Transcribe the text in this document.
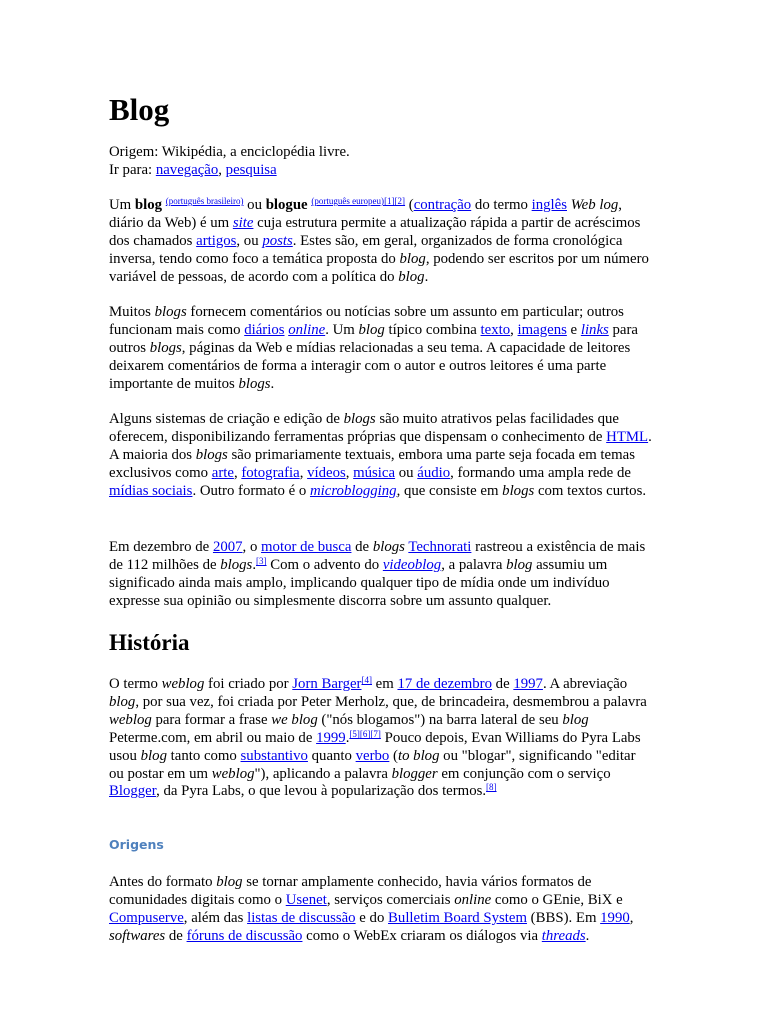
Blog
Origem: Wikipédia, a enciclopédia livre.
Ir para: navegação, pesquisa
Um blog $^{(português brasileiro)}$ ou blogue $^{(português europeu)[1][2]}$ (contração do termo inglês Web log, diário da Web) é um site cuja estrutura permite a atualização rápida a partir de acréscimos dos chamados artigos, ou posts. Estes são, em geral, organizados de forma cronológica inversa, tendo como foco a temática proposta do blog, podendo ser escritos por um número variável de pessoas, de acordo com a política do blog.
Muitos blogs fornecem comentários ou notícias sobre um assunto em particular; outros funcionam mais como diários online. Um blog típico combina texto, imagens e links para outros blogs, páginas da Web e mídias relacionadas a seu tema. A capacidade de leitores deixarem comentários de forma a interagir com o autor e outros leitores é uma parte importante de muitos blogs.
Alguns sistemas de criação e edição de blogs são muito atrativos pelas facilidades que oferecem, disponibilizando ferramentas próprias que dispensam o conhecimento de HTML. A maioria dos blogs são primariamente textuais, embora uma parte seja focada em temas exclusivos como arte, fotografia, vídeos, música ou áudio, formando uma ampla rede de mídias sociais. Outro formato é o microblogging, que consiste em blogs com textos curtos.
Em dezembro de 2007, o motor de busca de blogs Technorati rastreou a existência de mais de 112 milhões de blogs.[3] Com o advento do videoblog, a palavra blog assumiu um significado ainda mais amplo, implicando qualquer tipo de mídia onde um indivíduo expresse sua opinião ou simplesmente discorra sobre um assunto qualquer.
História
O termo weblog foi criado por Jorn Barger[4] em 17 de dezembro de 1997. A abreviação blog, por sua vez, foi criada por Peter Merholz, que, de brincadeira, desmembrou a palavra weblog para formar a frase we blog ("nós blogamos") na barra lateral de seu blog Peterme.com, em abril ou maio de 1999.[5][6][7] Pouco depois, Evan Williams do Pyra Labs usou blog tanto como substantivo quanto verbo (to blog ou "blogar", significando "editar ou postar em um weblog"), aplicando a palavra blogger em conjunção com o serviço Blogger, da Pyra Labs, o que levou à popularização dos termos.[8]
Origens
Antes do formato blog se tornar amplamente conhecido, havia vários formatos de comunidades digitais como o Usenet, serviços comerciais online como o GEnie, BiX e Compuserve, além das listas de discussão e do Bulletim Board System (BBS). Em 1990, softwares de fóruns de discussão como o WebEx criaram os diálogos via threads.
